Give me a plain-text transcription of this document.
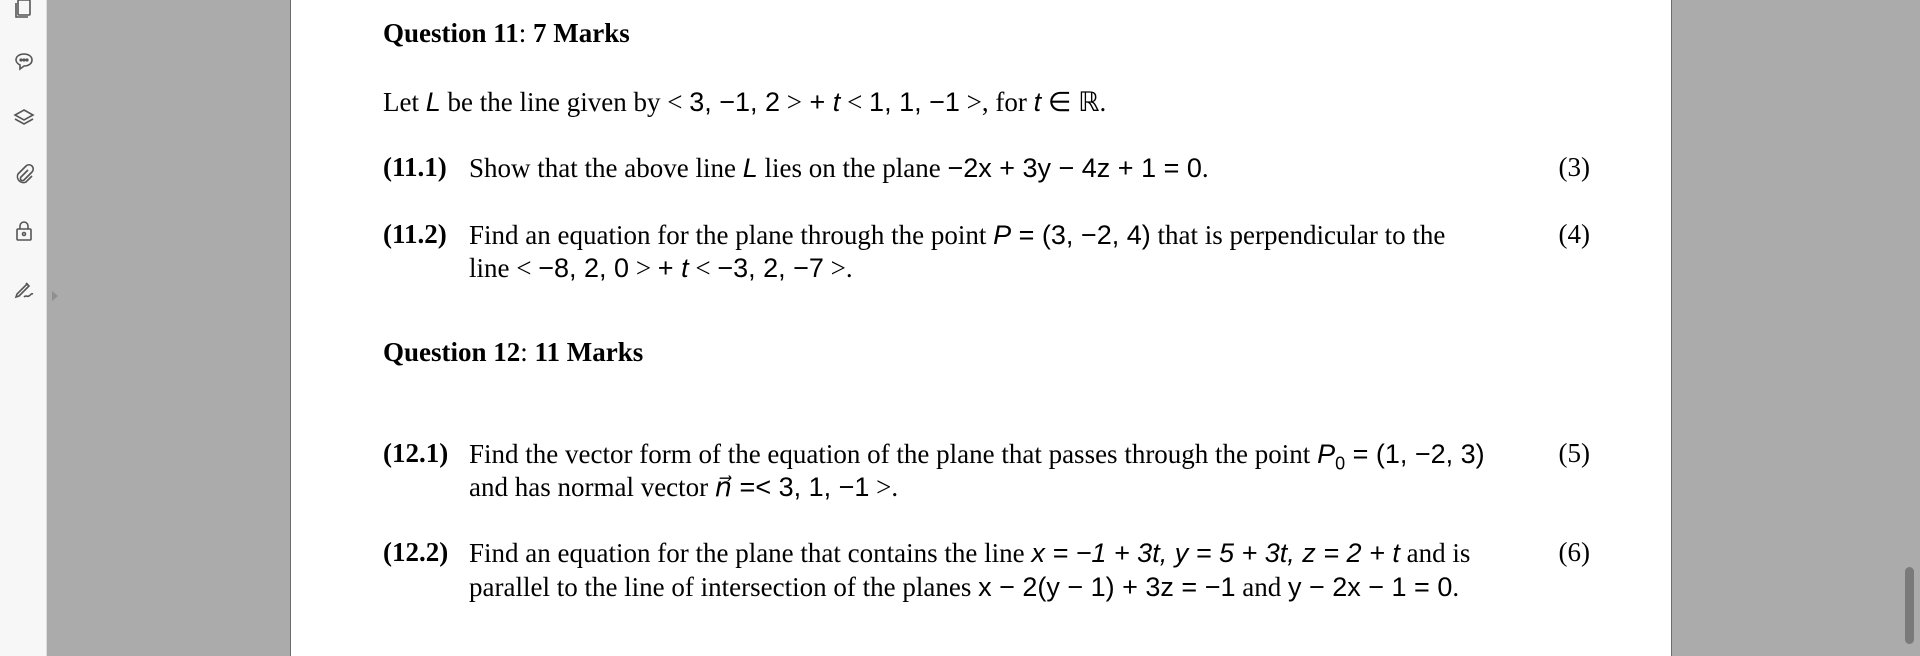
Question 11: 7 Marks
Let L be the line given by < 3, −1, 2 > + t < 1, 1, −1 >, for t ∈ ℝ.
(11.1) Show that the above line L lies on the plane −2x + 3y − 4z + 1 = 0.	(3)
(11.2) Find an equation for the plane through the point P = (3, −2, 4) that is perpendicular to the
line < −8, 2, 0 > + t < −3, 2, −7 >.
(4)
Question 12: 11 Marks
(12.1) Find the vector form of the equation of the plane that passes through the point $P_0 = (1$, −2, 3)
and has normal vector n⃗ =< 3, 1, −1 >.
(5)
(12.2) Find an equation for the plane that contains the line x = −1 + 3t, y = 5 + 3t, z = 2 + t and is
parallel to the line of intersection of the planes x − 2(y − 1) + 3z = −1 and y − 2x − 1 = 0.
(6)
